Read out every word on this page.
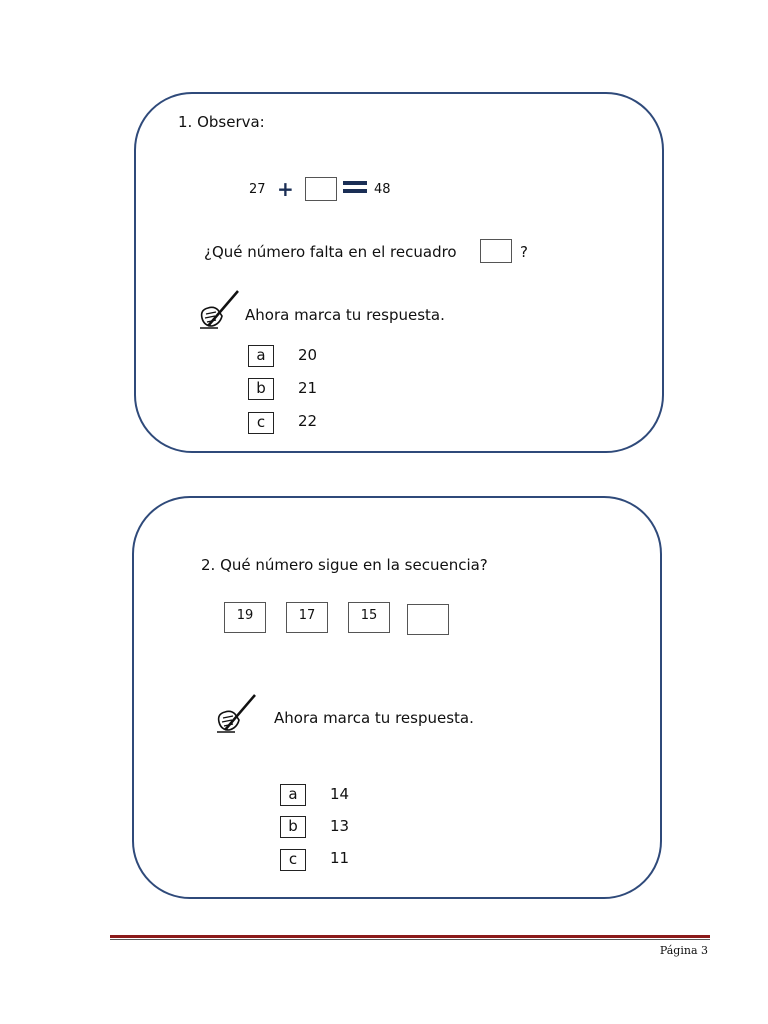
1. Observa:
27 +	48
¿Qué número falta en el recuadro	?
Ahora marca tu respuesta.
a	20
b	21
c	22
2. Qué número sigue en la secuencia?
19	17	15
Ahora marca tu respuesta.
a	14
b	13
c	11
Página 3
